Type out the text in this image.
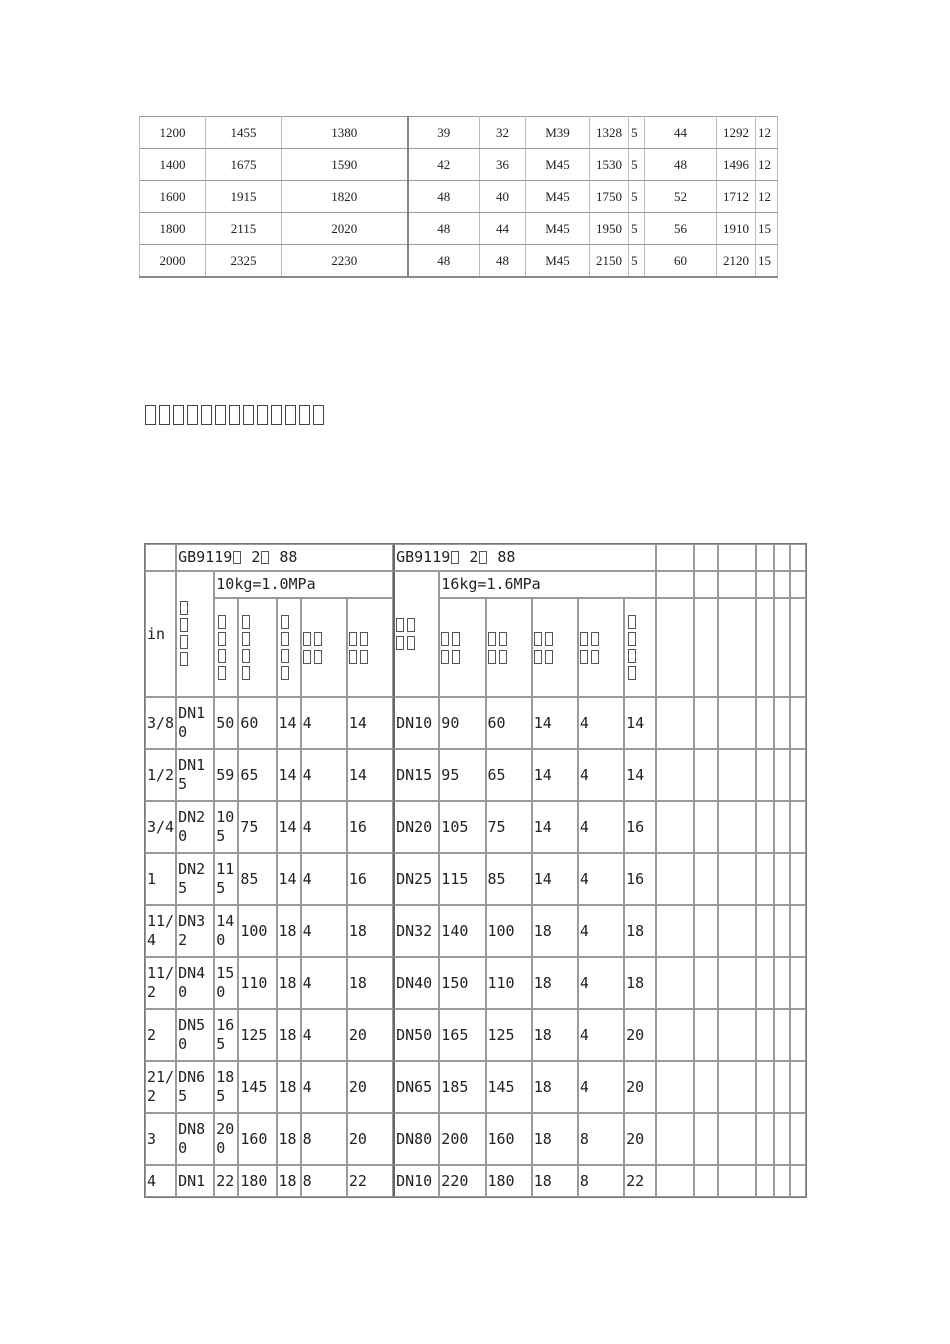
1200	1455	1380	39	32	M39	1328	5	44	1292	12
1400	1675	1590	42	36	M45	1530	5	48	1496	12
1600	1915	1820	48	40	M45	1750	5	52	1712	12
1800	2115	2020	48	44	M45	1950	5	56	1910	15
2000	2325	2230	48	48	M45	2150	5	60	2120	15
	GB9119 2 88						GB9119 2 88											
in		10kg=1.0MPa						16kg=1.6MPa										

3/8	DN10	50	60	14	4	14	DN10	90	60	14	4	14						
1/2	DN15	59	65	14	4	14	DN15	95	65	14	4	14						
3/4	DN20	105	75	14	4	16	DN20	105	75	14	4	16						
1	DN25	115	85	14	4	16	DN25	115	85	14	4	16						
11/4	DN32	140	100	18	4	18	DN32	140	100	18	4	18						
11/2	DN40	150	110	18	4	18	DN40	150	110	18	4	18						
2	DN50	165	125	18	4	20	DN50	165	125	18	4	20						
21/2	DN65	185	145	18	4	20	DN65	185	145	18	4	20						
3	DN80	200	160	18	8	20	DN80	200	160	18	8	20						
4	DN1	22	180	18	8	22	DN10	220	180	18	8	22						
